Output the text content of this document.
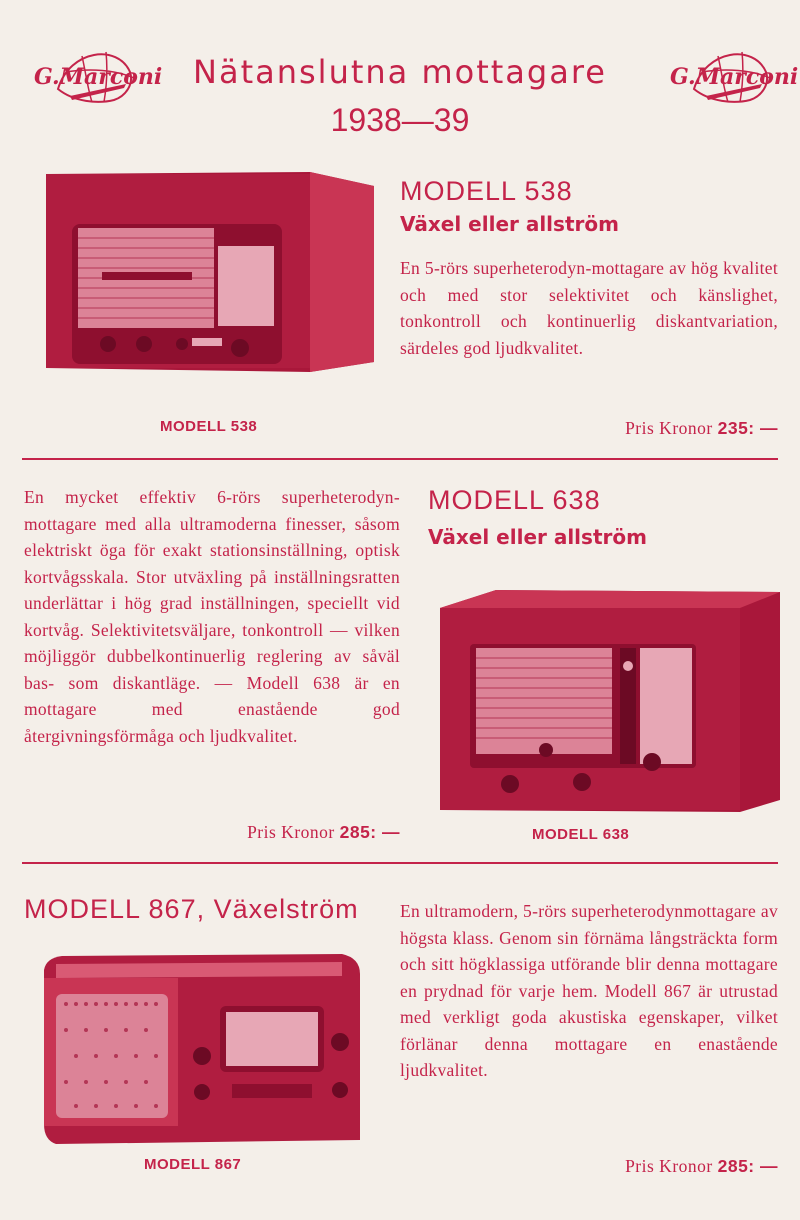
G.Marconi	G.Marconi
Nätanslutna mottagare
1938—39
MODELL 538
Växel eller allström
En 5-rörs superheterodyn-mottagare av hög kvalitet och med stor selektivitet och känslighet, tonkontroll och kontinuerlig diskantvariation, särdeles god ljudkvalitet.
MODELL 538	Pris Kronor 235: —
En mycket effektiv 6-rörs superheterodyn-mottagare med alla ultramoderna finesser, såsom elektriskt öga för exakt stationsinställning, optisk kortvågsskala. Stor utväxling på inställningsratten underlättar i hög grad inställningen, speciellt vid kortvåg. Selektivitetsväljare, tonkontroll — vilken möjliggör dubbelkontinuerlig reglering av såväl bas- som diskantläge. — Modell 638 är en mottagare med enastående god återgivningsförmåga och ljudkvalitet.
MODELL 638
Växel eller allström
Pris Kronor 285: —	MODELL 638
MODELL 867, Växelström
MODELL 867
En ultramodern, 5-rörs superheterodynmottagare av högsta klass. Genom sin förnäma långsträckta form och sitt högklassiga utförande blir denna mottagare en prydnad för varje hem. Modell 867 är utrustad med verkligt goda akustiska egenskaper, vilket förlänar denna mottagare en enastående ljudkvalitet.
Pris Kronor 285: —
